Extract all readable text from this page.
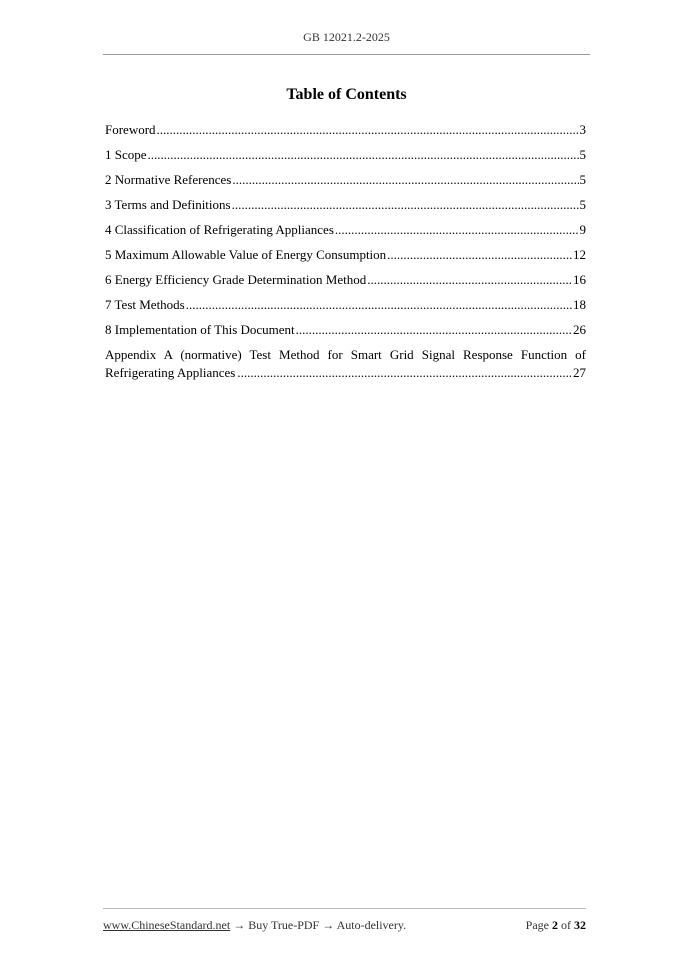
GB 12021.2-2025
Table of Contents
Foreword .....	3
1 Scope .....	5
2 Normative References .....	5
3 Terms and Definitions .....	5
4 Classification of Refrigerating Appliances .....	9
5 Maximum Allowable Value of Energy Consumption .....	12
6 Energy Efficiency Grade Determination Method .....	16
7 Test Methods .....	18
8 Implementation of This Document .....	26
Appendix A (normative) Test Method for Smart Grid Signal Response Function of
Refrigerating Appliances .....	27
www.ChineseStandard.net → Buy True-PDF → Auto-delivery.	Page 2 of 32
